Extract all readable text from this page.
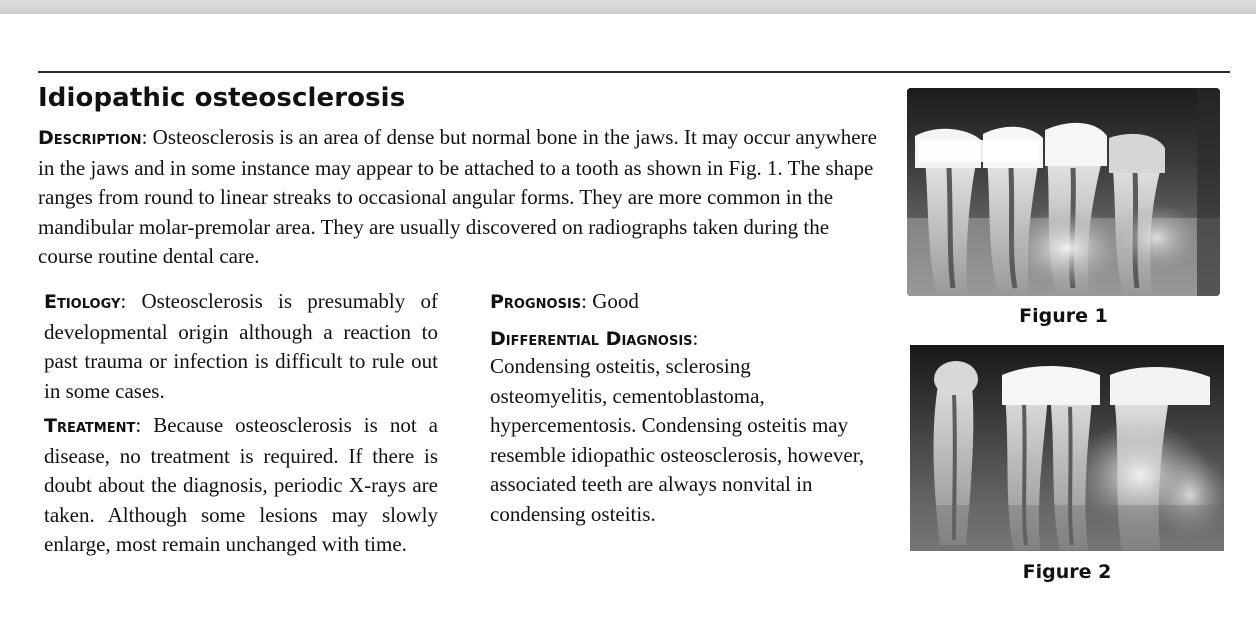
Idiopathic osteosclerosis

Description: Osteosclerosis is an area of dense but normal bone in the jaws. It may occur anywhere in the jaws and in some instance may appear to be attached to a tooth as shown in Fig. 1. The shape ranges from round to linear streaks to occasional angular forms. They are more common in the mandibular molar-premolar area. They are usually discovered on radiographs taken during the course routine dental care.

Etiology: Osteosclerosis is presumably of developmental origin although a reaction to past trauma or infection is difficult to rule out in some cases.

Treatment: Because osteosclerosis is not a disease, no treatment is required. If there is doubt about the diagnosis, periodic X-rays are taken. Although some lesions may slowly enlarge, most remain unchanged with time.

Prognosis: Good

Differential Diagnosis:

Condensing osteitis, sclerosing osteomyelitis, cementoblastoma, hypercementosis. Condensing osteitis may resemble idiopathic osteosclerosis, however, associated teeth are always nonvital in condensing osteitis.

Figure 1

Figure 2
